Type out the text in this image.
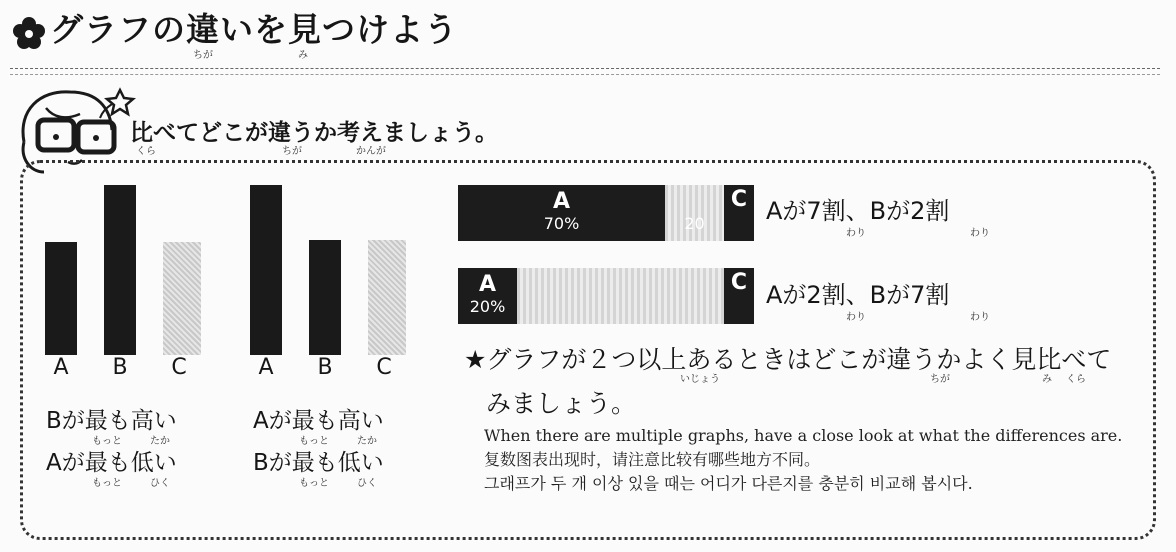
グラフの違いを見つけよう
ちが	み
比べてどこが違うか考えましょう。
くら	ちが	かんが
A	B	C
Bが最も高い
もっと	たか
Aが最も低い
もっと	ひく
A	B	C
Aが最も高い
もっと	たか
Bが最も低い
もっと	ひく
A
70%	20
C Aが7割、Bが2割
わり	わり
A
20%
C Aが2割、Bが7割
わり	わり
★グラフが２つ以上あるときはどこが違うかよく見比べて
みましょう。
いじょう	ちが	み くら
When there are multiple graphs, have a close look at what the differences are.
复数图表出现时，请注意比较有哪些地方不同。
그래프가 두 개 이상 있을 때는 어디가 다른지를 충분히 비교해 봅시다.
